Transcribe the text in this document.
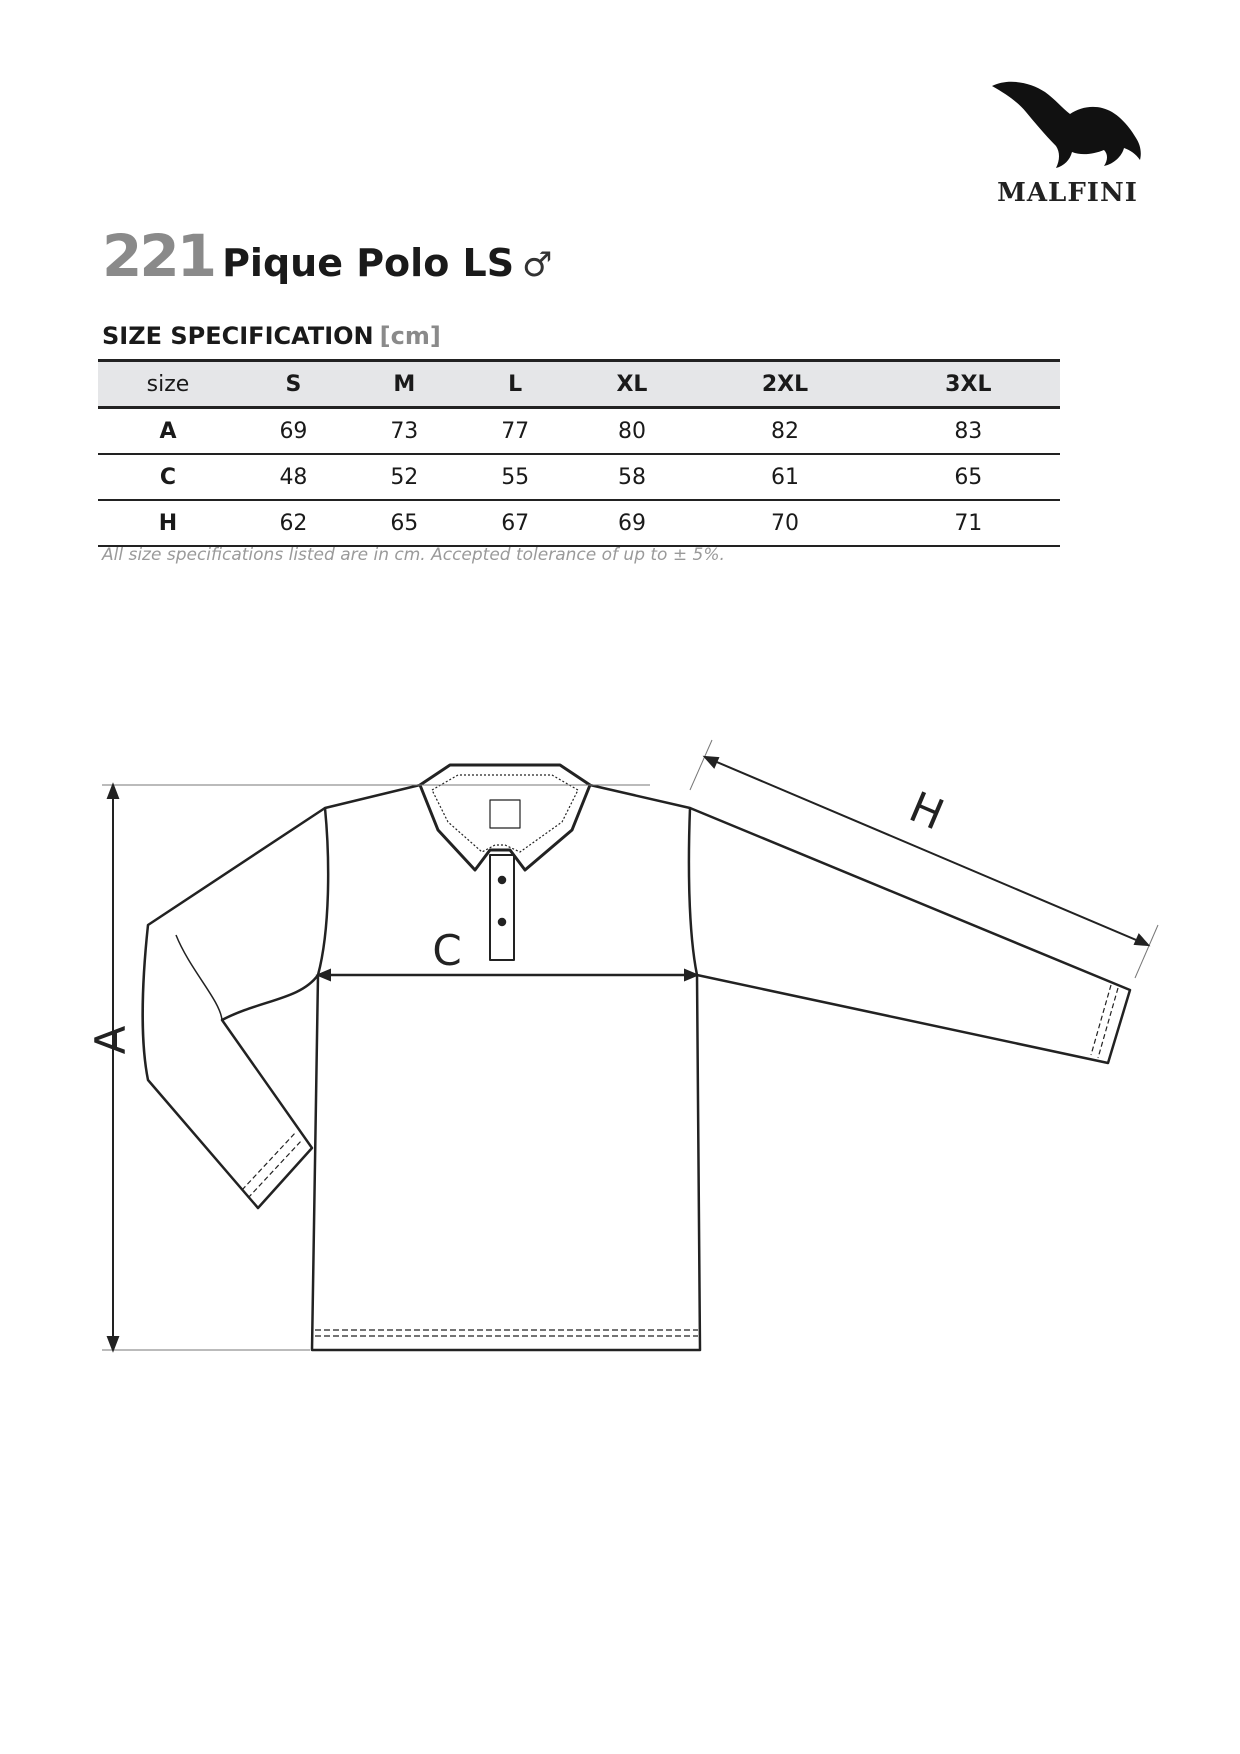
MALFINI
221 Pique Polo LS ♂
SIZE SPECIFICATION [cm]
size	S	M	L	XL	2XL	3XL
A	69	73	77	80	82	83
C	48	52	55	58	61	65
H	62	65	67	69	70	71
All size specifications listed are in cm. Accepted tolerance of up to ± 5%.
A
C
H
